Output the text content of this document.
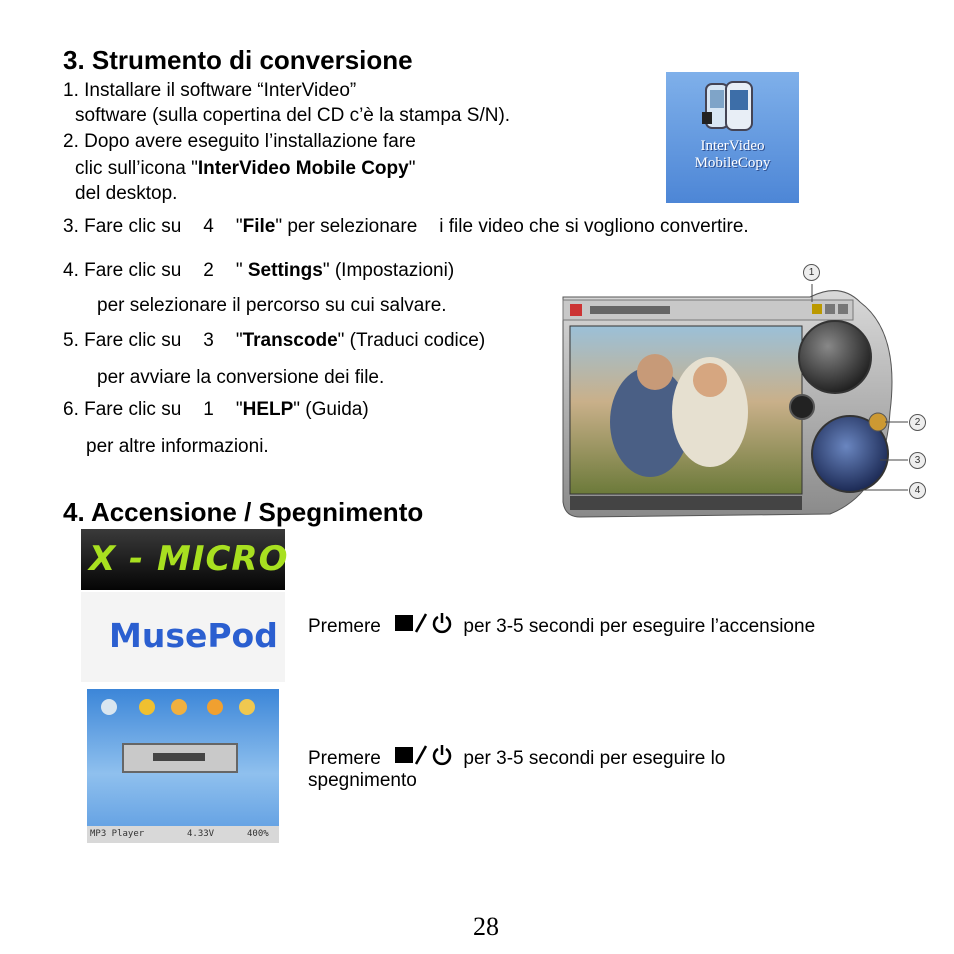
3. Strumento di conversione
1. Installare il software “InterVideo”
software (sulla copertina del CD c’è la stampa S/N).
2. Dopo avere eseguito l’installazione fare
clic sull’icona "InterVideo Mobile Copy"
del desktop.
InterVideo
MobileCopy
3. Fare clic su 4 "File" per selezionare i file video che si vogliono convertire.
4. Fare clic su 2 " Settings" (Impostazioni)
per selezionare il percorso su cui salvare.
5. Fare clic su 3 "Transcode" (Traduci codice)
per avviare la conversione dei file.
6. Fare clic su 1 "HELP" (Guida)
per altre informazioni.
1
2
3
4
4. Accensione / Spegnimento
X - MICRO
MusePod Premere	per 3-5 secondi per eseguire l’accensione
MP3 Player	4.33V	400%
Premere	per 3-5 secondi per eseguire lo
spegnimento
28
